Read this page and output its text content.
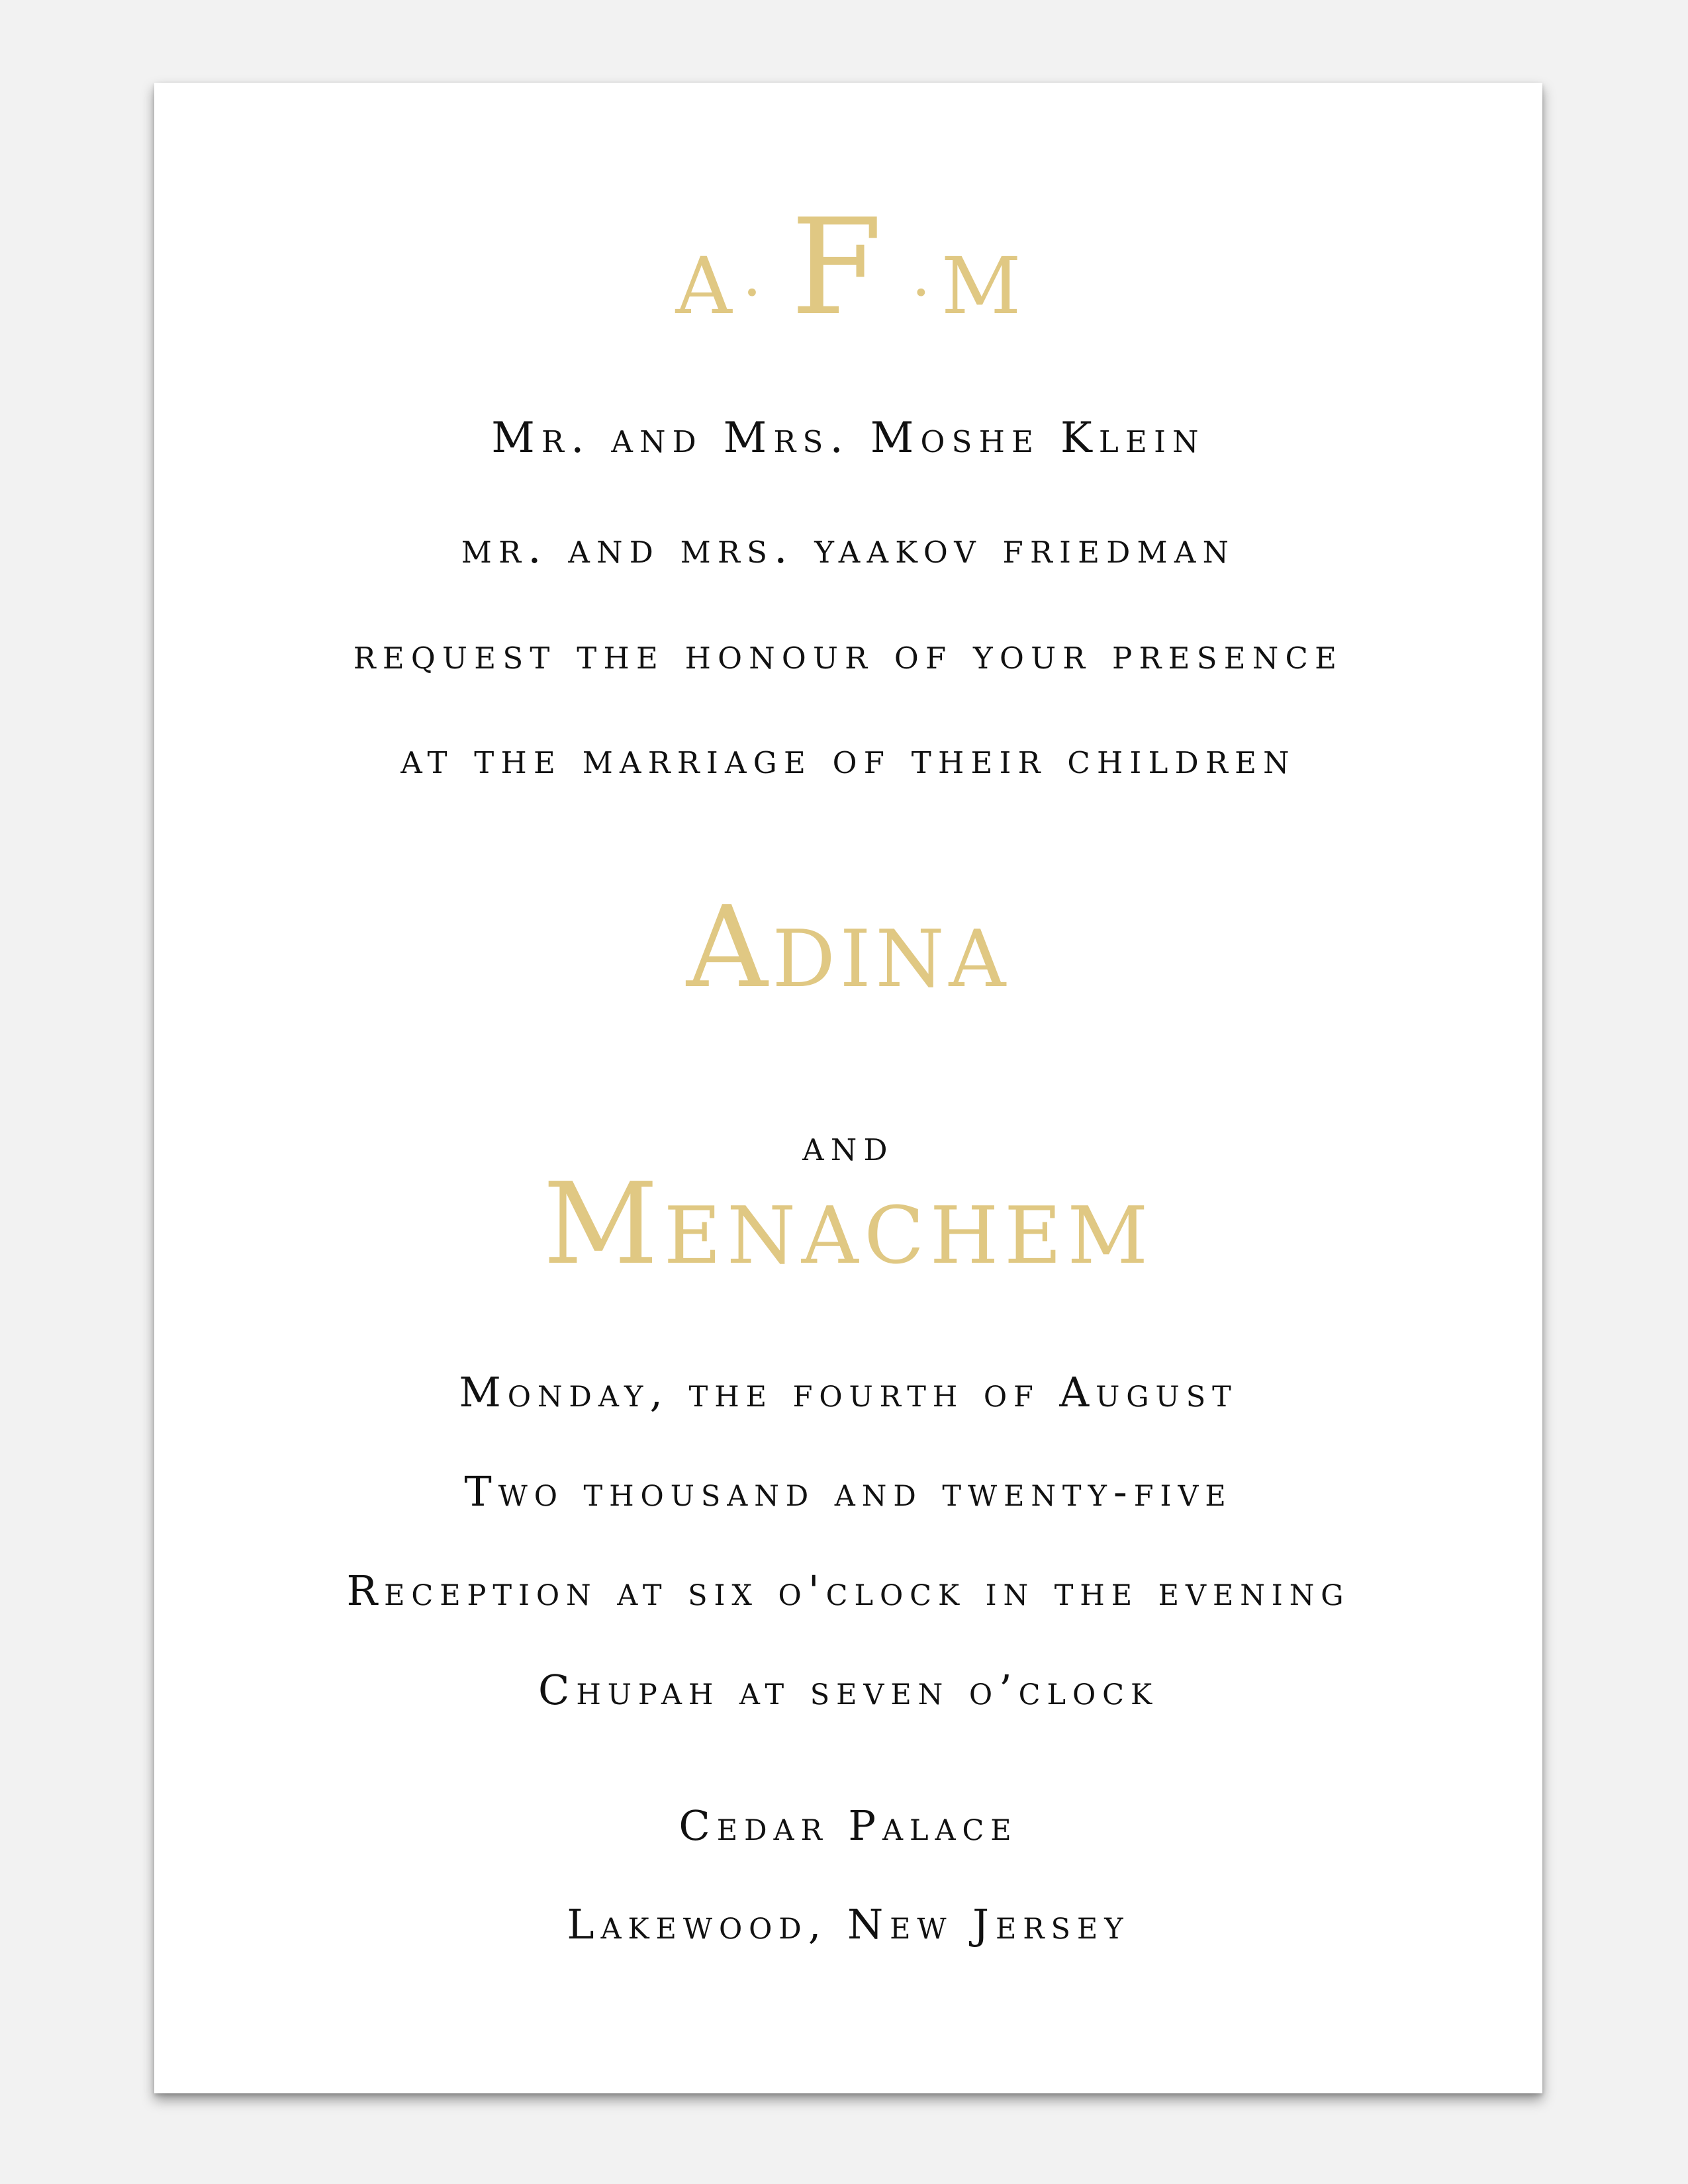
A · F · M
Mr. and Mrs. Moshe Klein
mr. and mrs. yaakov friedman
request the honour of your presence
at the marriage of their children
Adina
and
Menachem
Monday, the fourth of August
Two thousand and twenty-five
Reception at six o'clock in the evening
Chupah at seven o’clock
Cedar Palace
Lakewood, New Jersey
